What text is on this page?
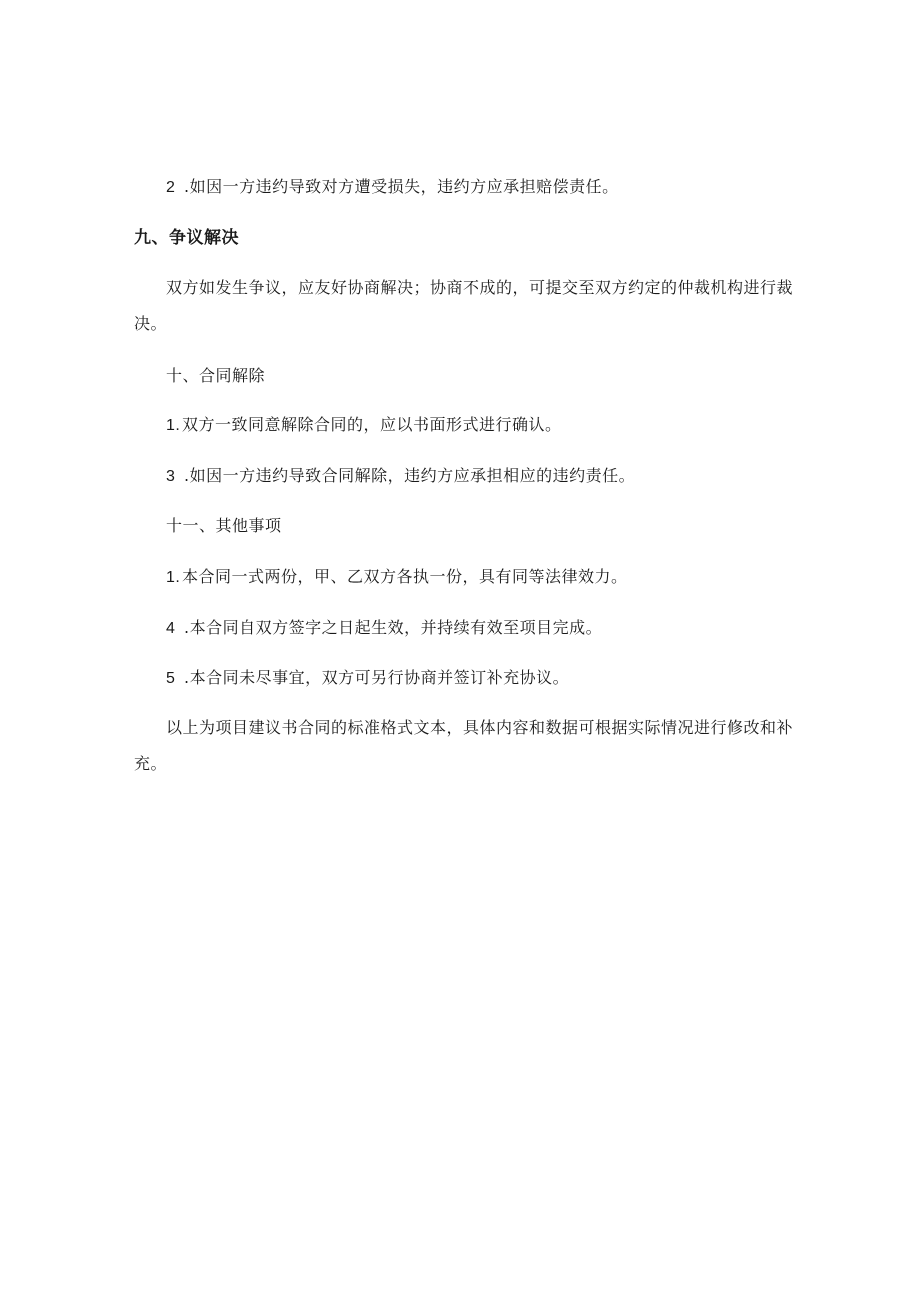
2 .如因一方违约导致对方遭受损失，违约方应承担赔偿责任。
九、争议解决
双方如发生争议，应友好协商解决；协商不成的，可提交至双方约定的仲裁机构进行裁决。
十、合同解除
1. 双方一致同意解除合同的，应以书面形式进行确认。
3 .如因一方违约导致合同解除，违约方应承担相应的违约责任。
十一、其他事项
1. 本合同一式两份，甲、乙双方各执一份，具有同等法律效力。
4 .本合同自双方签字之日起生效，并持续有效至项目完成。
5 .本合同未尽事宜，双方可另行协商并签订补充协议。
以上为项目建议书合同的标准格式文本，具体内容和数据可根据实际情况进行修改和补充。
